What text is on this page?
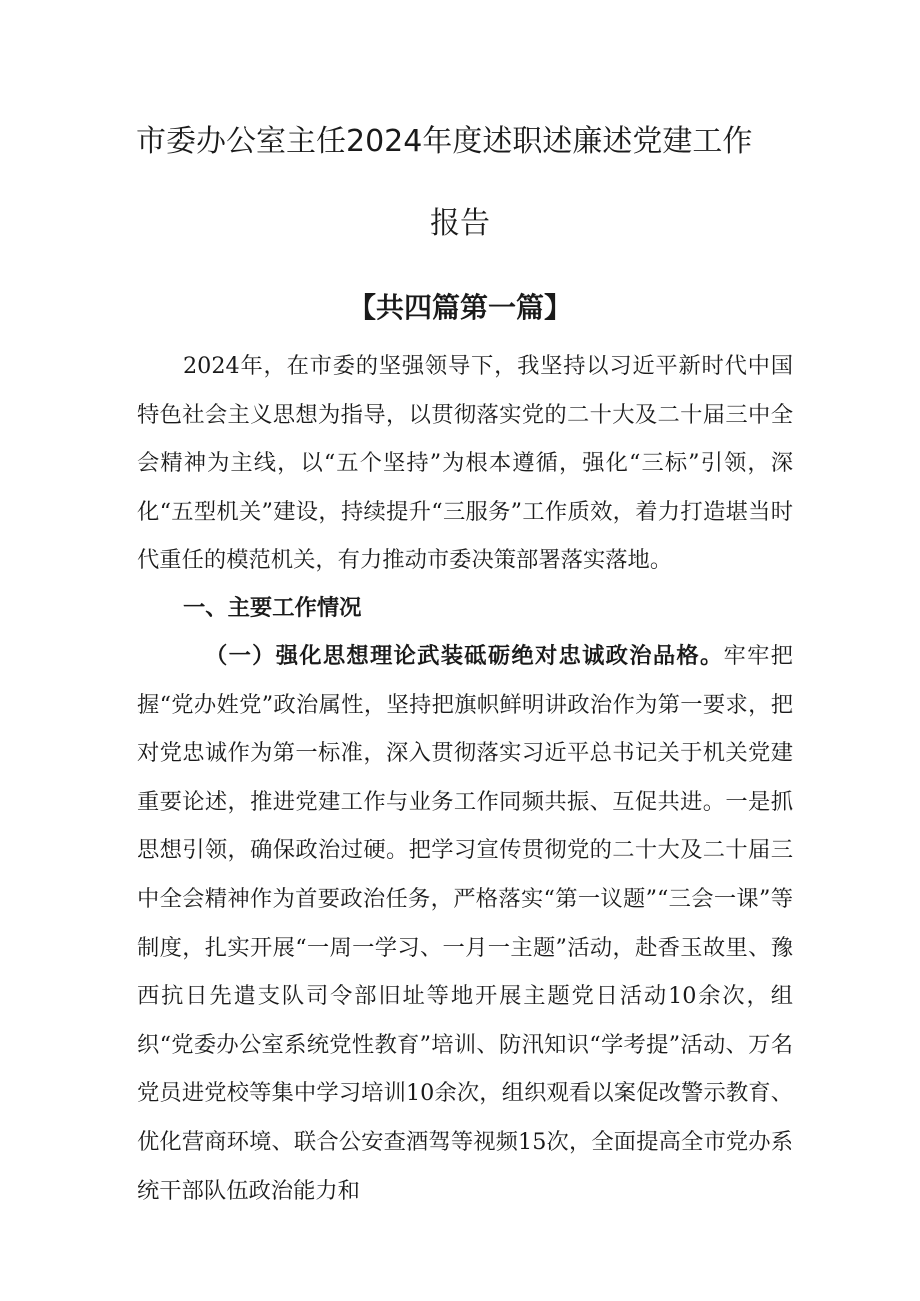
市委办公室主任2024年度述职述廉述党建工作
报告
【共四篇第一篇】
2024年，在市委的坚强领导下，我坚持以习近平新时代中国特色社会主义思想为指导，以贯彻落实党的二十大及二十届三中全会精神为主线，以“五个坚持”为根本遵循，强化“三标”引领，深化“五型机关”建设，持续提升“三服务”工作质效，着力打造堪当时代重任的模范机关，有力推动市委决策部署落实落地。
一、主要工作情况
（一）强化思想理论武装砥砺绝对忠诚政治品格。牢牢把握“党办姓党”政治属性，坚持把旗帜鲜明讲政治作为第一要求，把对党忠诚作为第一标准，深入贯彻落实习近平总书记关于机关党建重要论述，推进党建工作与业务工作同频共振、互促共进。一是抓思想引领，确保政治过硬。把学习宣传贯彻党的二十大及二十届三中全会精神作为首要政治任务，严格落实“第一议题”“三会一课”等制度，扎实开展“一周一学习、一月一主题”活动，赴香玉故里、豫西抗日先遣支队司令部旧址等地开展主题党日活动10余次，组织“党委办公室系统党性教育”培训、防汛知识“学考提”活动、万名党员进党校等集中学习培训10余次，组织观看以案促改警示教育、优化营商环境、联合公安查酒驾等视频15次，全面提高全市党办系统干部队伍政治能力和
